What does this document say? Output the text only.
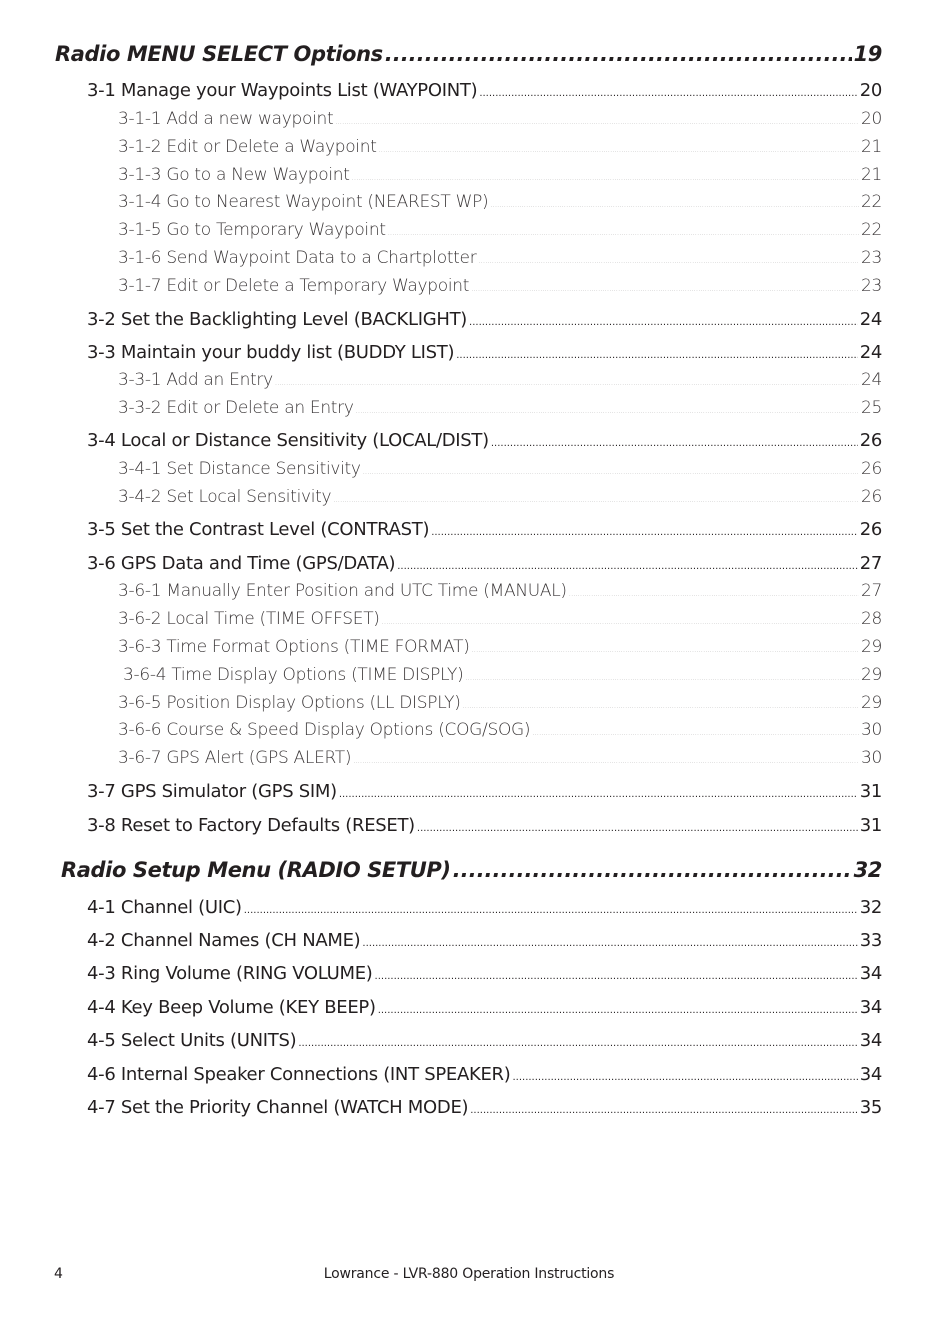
Radio MENU SELECT Options .....	19
3-1 Manage your Waypoints List (WAYPOINT) .....	20
3-1-1 Add a new waypoint .....	20
3-1-2 Edit or Delete a Waypoint .....	21
3-1-3 Go to a New Waypoint .....	21
3-1-4 Go to Nearest Waypoint (NEAREST WP) .....	22
3-1-5 Go to Temporary Waypoint .....	22
3-1-6 Send Waypoint Data to a Chartplotter .....	23
3-1-7 Edit or Delete a Temporary Waypoint .....	23
3-2 Set the Backlighting Level (BACKLIGHT) .....	24
3-3 Maintain your buddy list (BUDDY LIST) .....	24
3-3-1 Add an Entry .....	24
3-3-2 Edit or Delete an Entry .....	25
3-4 Local or Distance Sensitivity (LOCAL/DIST) .....	26
3-4-1 Set Distance Sensitivity .....	26
3-4-2 Set Local Sensitivity .....	26
3-5 Set the Contrast Level (CONTRAST) .....	26
3-6 GPS Data and Time (GPS/DATA) .....	27
3-6-1 Manually Enter Position and UTC Time (MANUAL) .....	27
3-6-2 Local Time (TIME OFFSET) .....	28
3-6-3 Time Format Options (TIME FORMAT) .....	29
3-6-4 Time Display Options (TIME DISPLY) .....	29
3-6-5 Position Display Options (LL DISPLY) .....	29
3-6-6 Course & Speed Display Options (COG/SOG) .....	30
3-6-7 GPS Alert (GPS ALERT) .....	30
3-7 GPS Simulator (GPS SIM) .....	31
3-8 Reset to Factory Defaults (RESET) .....	31
Radio Setup Menu (RADIO SETUP) .....	32
4-1 Channel (UIC) .....	32
4-2 Channel Names (CH NAME) .....	33
4-3 Ring Volume (RING VOLUME) .....	34
4-4 Key Beep Volume (KEY BEEP) .....	34
4-5 Select Units (UNITS) .....	34
4-6 Internal Speaker Connections (INT SPEAKER) .....	34
4-7 Set the Priority Channel (WATCH MODE) .....	35
4	Lowrance - LVR-880 Operation Instructions
